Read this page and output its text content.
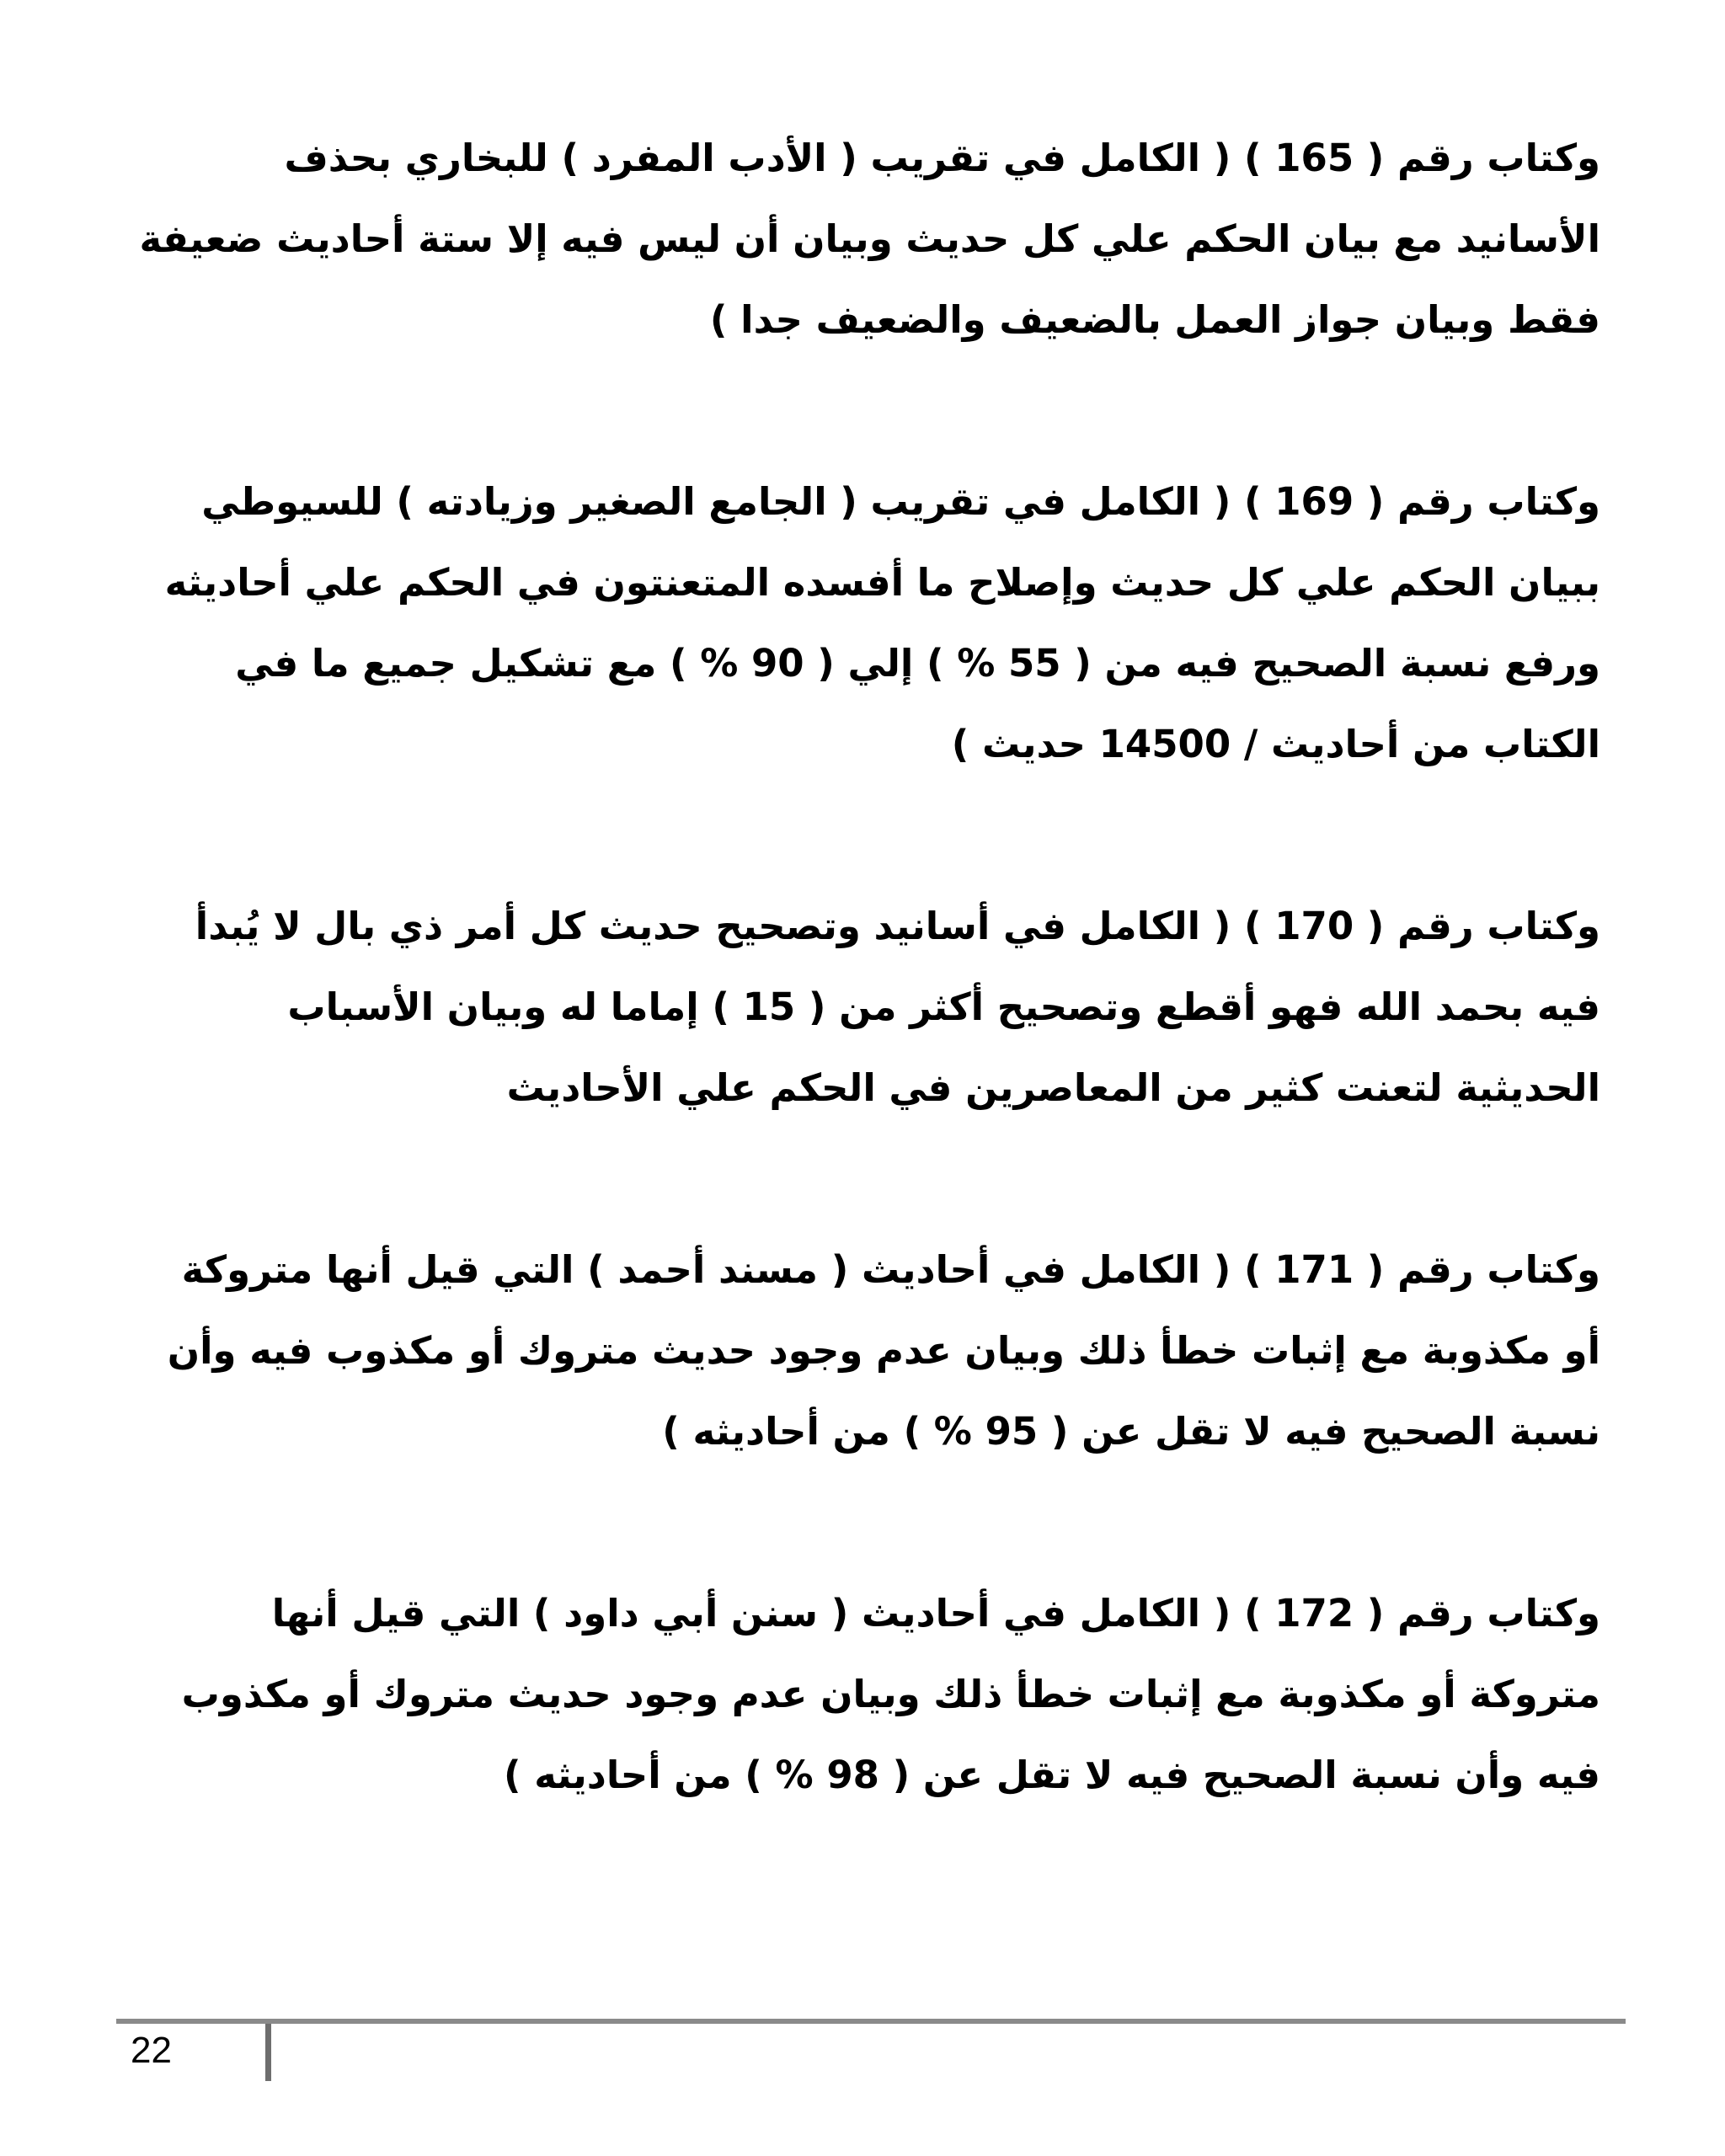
وكتاب رقم ( 165 ) ( الكامل في تقريب ( الأدب المفرد ) للبخاري بحذف الأسانيد مع بيان الحكم علي كل حديث وبيان أن ليس فيه إلا ستة أحاديث ضعيفة فقط وبيان جواز العمل بالضعيف والضعيف جدا )

وكتاب رقم ( 169 ) ( الكامل في تقريب ( الجامع الصغير وزيادته ) للسيوطي ببيان الحكم علي كل حديث وإصلاح ما أفسده المتعنتون في الحكم علي أحاديثه ورفع نسبة الصحيح فيه من ( 55 % ) إلي ( 90 % ) مع تشكيل جميع ما في الكتاب من أحاديث / 14500 حديث )

وكتاب رقم ( 170 ) ( الكامل في أسانيد وتصحيح حديث كل أمر ذي بال لا يُبدأ فيه بحمد الله فهو أقطع وتصحيح أكثر من ( 15 ) إماما له وبيان الأسباب الحديثية لتعنت كثير من المعاصرين في الحكم علي الأحاديث

وكتاب رقم ( 171 ) ( الكامل في أحاديث ( مسند أحمد ) التي قيل أنها متروكة أو مكذوبة مع إثبات خطأ ذلك وبيان عدم وجود حديث متروك أو مكذوب فيه وأن نسبة الصحيح فيه لا تقل عن ( 95 % ) من أحاديثه )

وكتاب رقم ( 172 ) ( الكامل في أحاديث ( سنن أبي داود ) التي قيل أنها متروكة أو مكذوبة مع إثبات خطأ ذلك وبيان عدم وجود حديث متروك أو مكذوب فيه وأن نسبة الصحيح فيه لا تقل عن ( 98 % ) من أحاديثه )

22
